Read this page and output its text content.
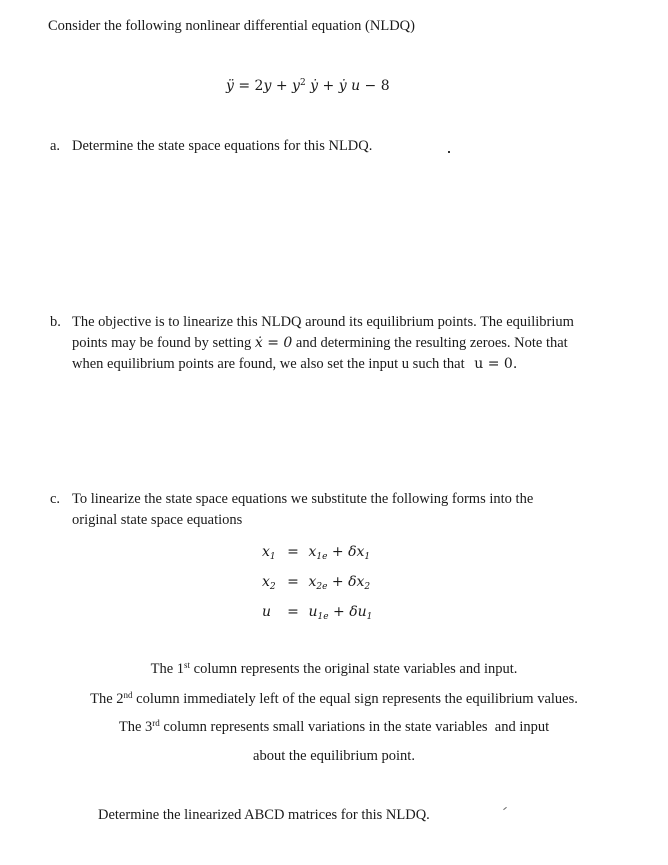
Consider the following nonlinear differential equation (NLDQ)
ÿ = $2y + y^2$ ẏ + ẏ u − 8
a. Determine the state space equations for this NLDQ.
b. The objective is to linearize this NLDQ around its equilibrium points. The equilibrium
points may be found by setting ẋ = 0 and determining the resulting zeroes. Note that
when equilibrium points are found, we also set the input u such that u = 0.
c. To linearize the state space equations we substitute the following forms into the
original state space equations
$x_1 = x_{1e} + \delta x_1$
$x_2 = x_{2e} + \delta x_2$
$u = u_{1e} + \delta u_1$
The 1st column represents the original state variables and input.
The 2nd column immediately left of the equal sign represents the equilibrium values.
The 3rd column represents small variations in the state variables  and input
about the equilibrium point.
Determine the linearized ABCD matrices for this NLDQ.
